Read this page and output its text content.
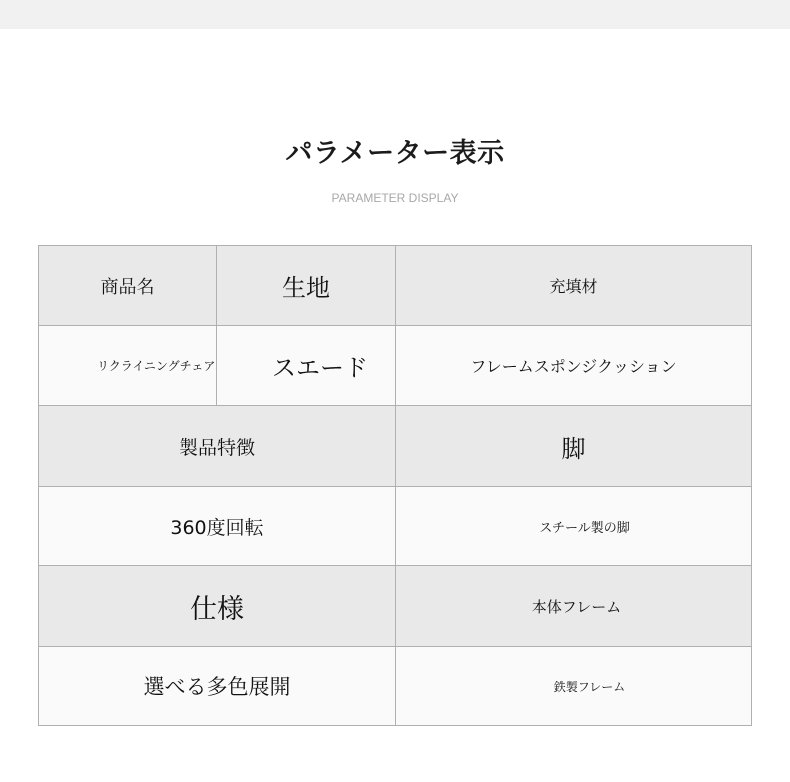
パラメーター表示
PARAMETER DISPLAY
商品名	生地	充填材
リクライニングチェア	スエード	フレームスポンジクッション
製品特徴	脚
360度回転	スチール製の脚
仕様	本体フレーム
選べる多色展開	鉄製フレーム
